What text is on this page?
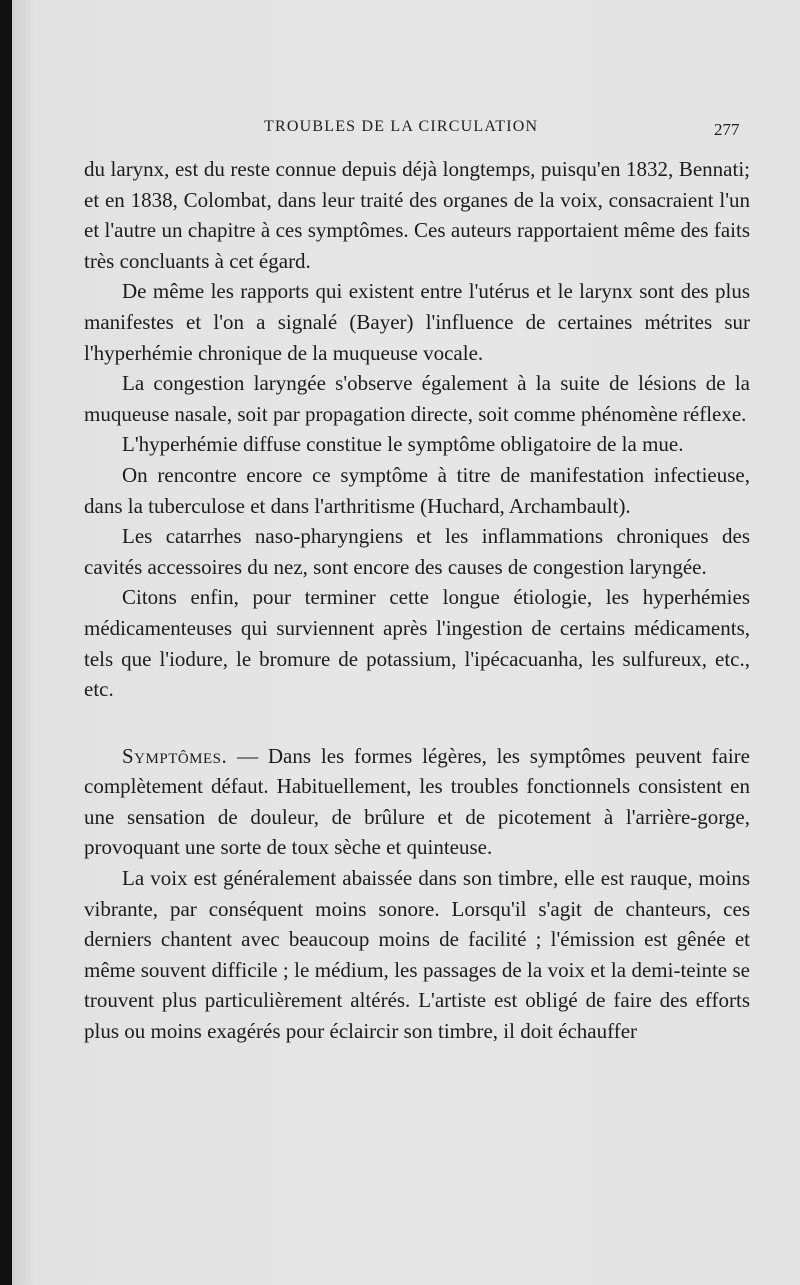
TROUBLES DE LA CIRCULATION	277

du larynx, est du reste connue depuis déjà longtemps, puisqu'en 1832, Bennati; et en 1838, Colombat, dans leur traité des organes de la voix, consacraient l'un et l'autre un chapitre à ces symptômes. Ces auteurs rapportaient même des faits très concluants à cet égard.

De même les rapports qui existent entre l'utérus et le larynx sont des plus manifestes et l'on a signalé (Bayer) l'influence de certaines métrites sur l'hyperhémie chronique de la muqueuse vocale.

La congestion laryngée s'observe également à la suite de lésions de la muqueuse nasale, soit par propagation directe, soit comme phénomène réflexe.

L'hyperhémie diffuse constitue le symptôme obligatoire de la mue.

On rencontre encore ce symptôme à titre de manifestation infectieuse, dans la tuberculose et dans l'arthritisme (Huchard, Archambault).

Les catarrhes naso-pharyngiens et les inflammations chroniques des cavités accessoires du nez, sont encore des causes de congestion laryngée.

Citons enfin, pour terminer cette longue étiologie, les hyperhémies médicamenteuses qui surviennent après l'ingestion de certains médicaments, tels que l'iodure, le bromure de potassium, l'ipécacuanha, les sulfureux, etc., etc.

Symptômes. — Dans les formes légères, les symptômes peuvent faire complètement défaut. Habituellement, les troubles fonctionnels consistent en une sensation de douleur, de brûlure et de picotement à l'arrière-gorge, provoquant une sorte de toux sèche et quinteuse.

La voix est généralement abaissée dans son timbre, elle est rauque, moins vibrante, par conséquent moins sonore. Lorsqu'il s'agit de chanteurs, ces derniers chantent avec beaucoup moins de facilité ; l'émission est gênée et même souvent difficile ; le médium, les passages de la voix et la demi-teinte se trouvent plus particulièrement altérés. L'artiste est obligé de faire des efforts plus ou moins exagérés pour éclaircir son timbre, il doit échauffer
